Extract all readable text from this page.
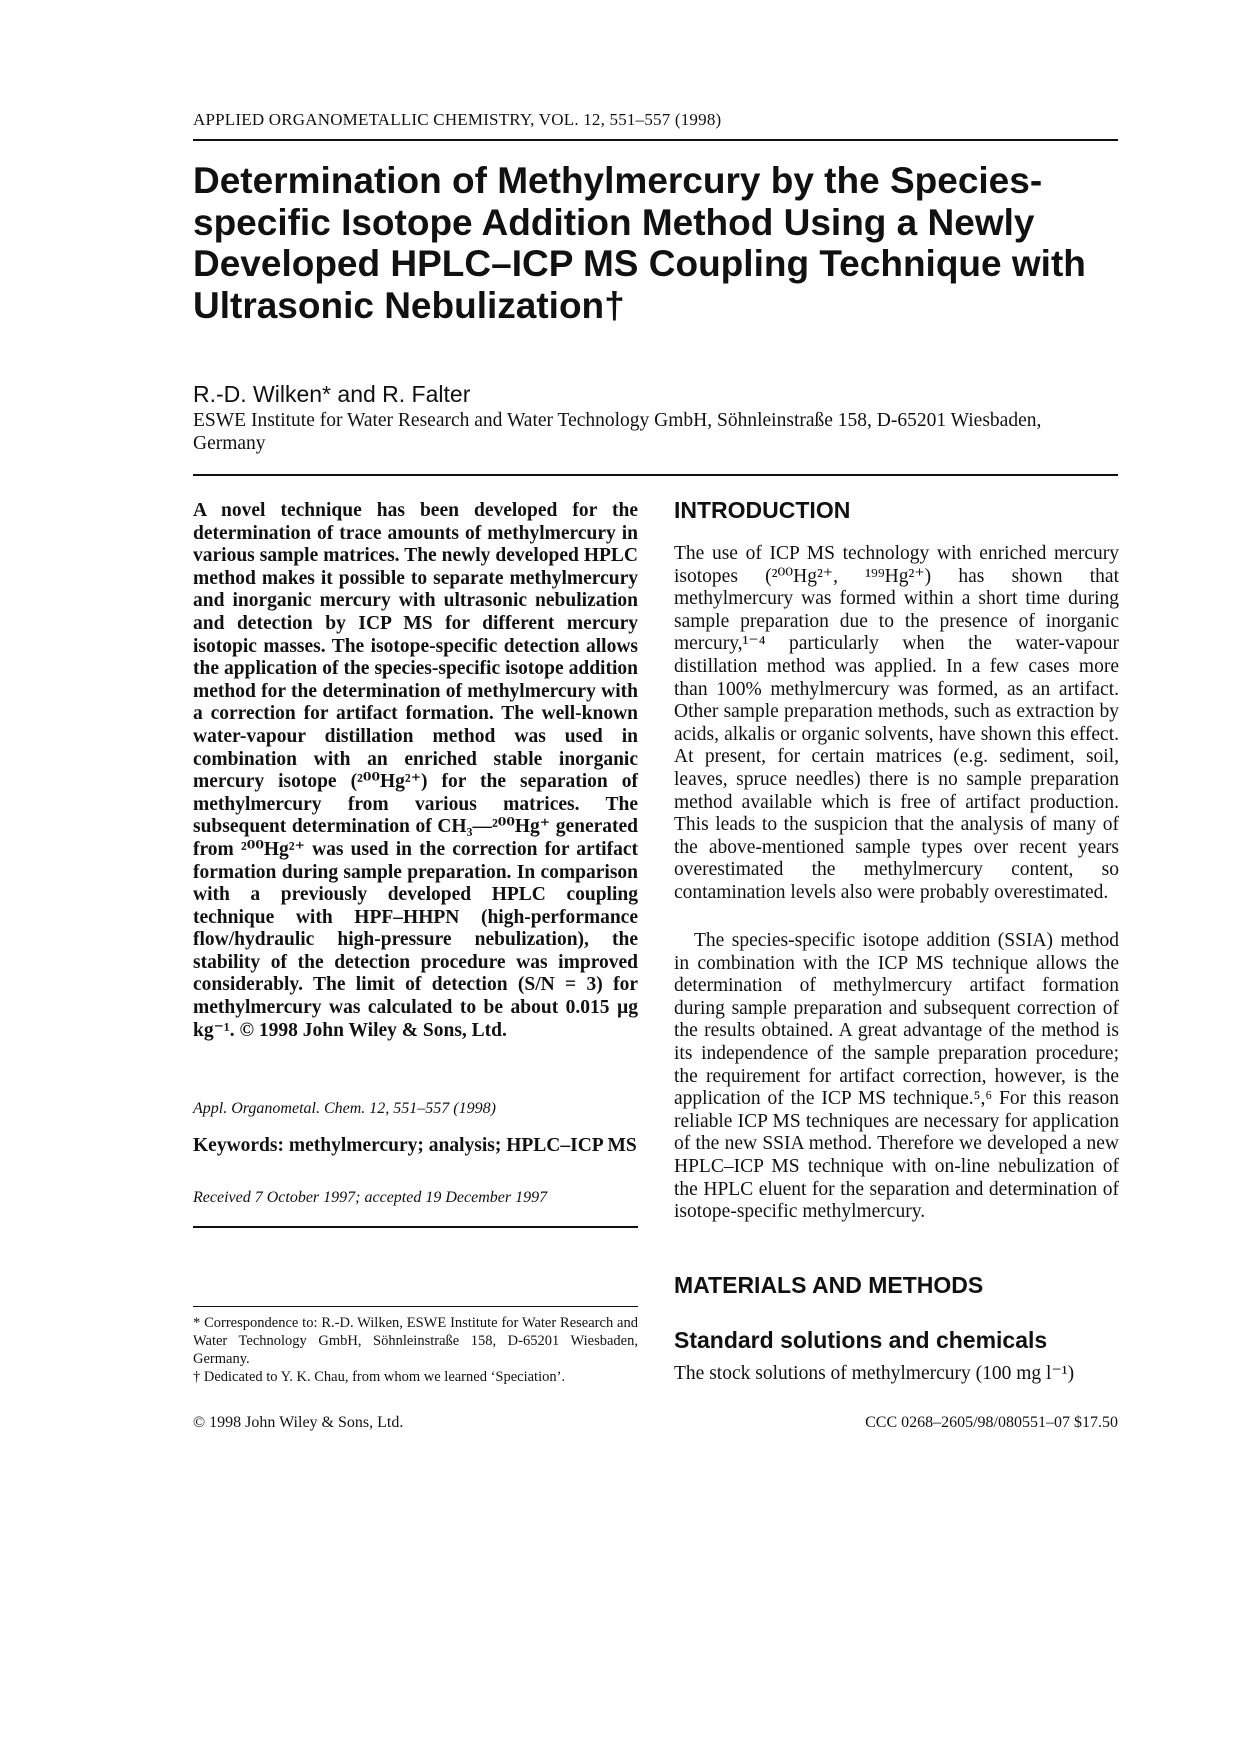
APPLIED ORGANOMETALLIC CHEMISTRY, VOL. 12, 551–557 (1998)
Determination of Methylmercury by the Species-specific Isotope Addition Method Using a Newly Developed HPLC–ICP MS Coupling Technique with Ultrasonic Nebulization†
R.-D. Wilken* and R. Falter
ESWE Institute for Water Research and Water Technology GmbH, Söhnleinstraße 158, D-65201 Wiesbaden, Germany

A novel technique has been developed for the determination of trace amounts of methylmercury in various sample matrices. The newly developed HPLC method makes it possible to separate methylmercury and inorganic mercury with ultrasonic nebulization and detection by ICP MS for different mercury isotopic masses. The isotope-specific detection allows the application of the species-specific isotope addition method for the determination of methylmercury with a correction for artifact formation. The well-known water-vapour distillation method was used in combination with an enriched stable inorganic mercury isotope (²⁰⁰Hg²⁺) for the separation of methylmercury from various matrices. The subsequent determination of CH₃—²⁰⁰Hg⁺ generated from ²⁰⁰Hg²⁺ was used in the correction for artifact formation during sample preparation. In comparison with a previously developed HPLC coupling technique with HPF–HHPN (high-performance flow/hydraulic high-pressure nebulization), the stability of the detection procedure was improved considerably. The limit of detection (S/N = 3) for methylmercury was calculated to be about 0.015 µg kg⁻¹. © 1998 John Wiley & Sons, Ltd.

Appl. Organometal. Chem. 12, 551–557 (1998)
Keywords: methylmercury; analysis; HPLC–ICP MS
Received 7 October 1997; accepted 19 December 1997

* Correspondence to: R.-D. Wilken, ESWE Institute for Water Research and Water Technology GmbH, Söhnleinstraße 158, D-65201 Wiesbaden, Germany.

† Dedicated to Y. K. Chau, from whom we learned ‘Speciation’.

INTRODUCTION

The use of ICP MS technology with enriched mercury isotopes (²⁰⁰Hg²⁺, ¹⁹⁹Hg²⁺) has shown that methylmercury was formed within a short time during sample preparation due to the presence of inorganic mercury,¹⁻⁴ particularly when the water-vapour distillation method was applied. In a few cases more than 100% methylmercury was formed, as an artifact. Other sample preparation methods, such as extraction by acids, alkalis or organic solvents, have shown this effect. At present, for certain matrices (e.g. sediment, soil, leaves, spruce needles) there is no sample preparation method available which is free of artifact production. This leads to the suspicion that the analysis of many of the above-mentioned sample types over recent years overestimated the methylmercury content, so contamination levels also were probably overestimated.

The species-specific isotope addition (SSIA) method in combination with the ICP MS technique allows the determination of methylmercury artifact formation during sample preparation and subsequent correction of the results obtained. A great advantage of the method is its independence of the sample preparation procedure; the requirement for artifact correction, however, is the application of the ICP MS technique.⁵,⁶ For this reason reliable ICP MS techniques are necessary for application of the new SSIA method. Therefore we developed a new HPLC–ICP MS technique with on-line nebulization of the HPLC eluent for the separation and determination of isotope-specific methylmercury.

MATERIALS AND METHODS
Standard solutions and chemicals

The stock solutions of methylmercury (100 mg l⁻¹)

© 1998 John Wiley & Sons, Ltd.	CCC 0268–2605/98/080551–07 $17.50
